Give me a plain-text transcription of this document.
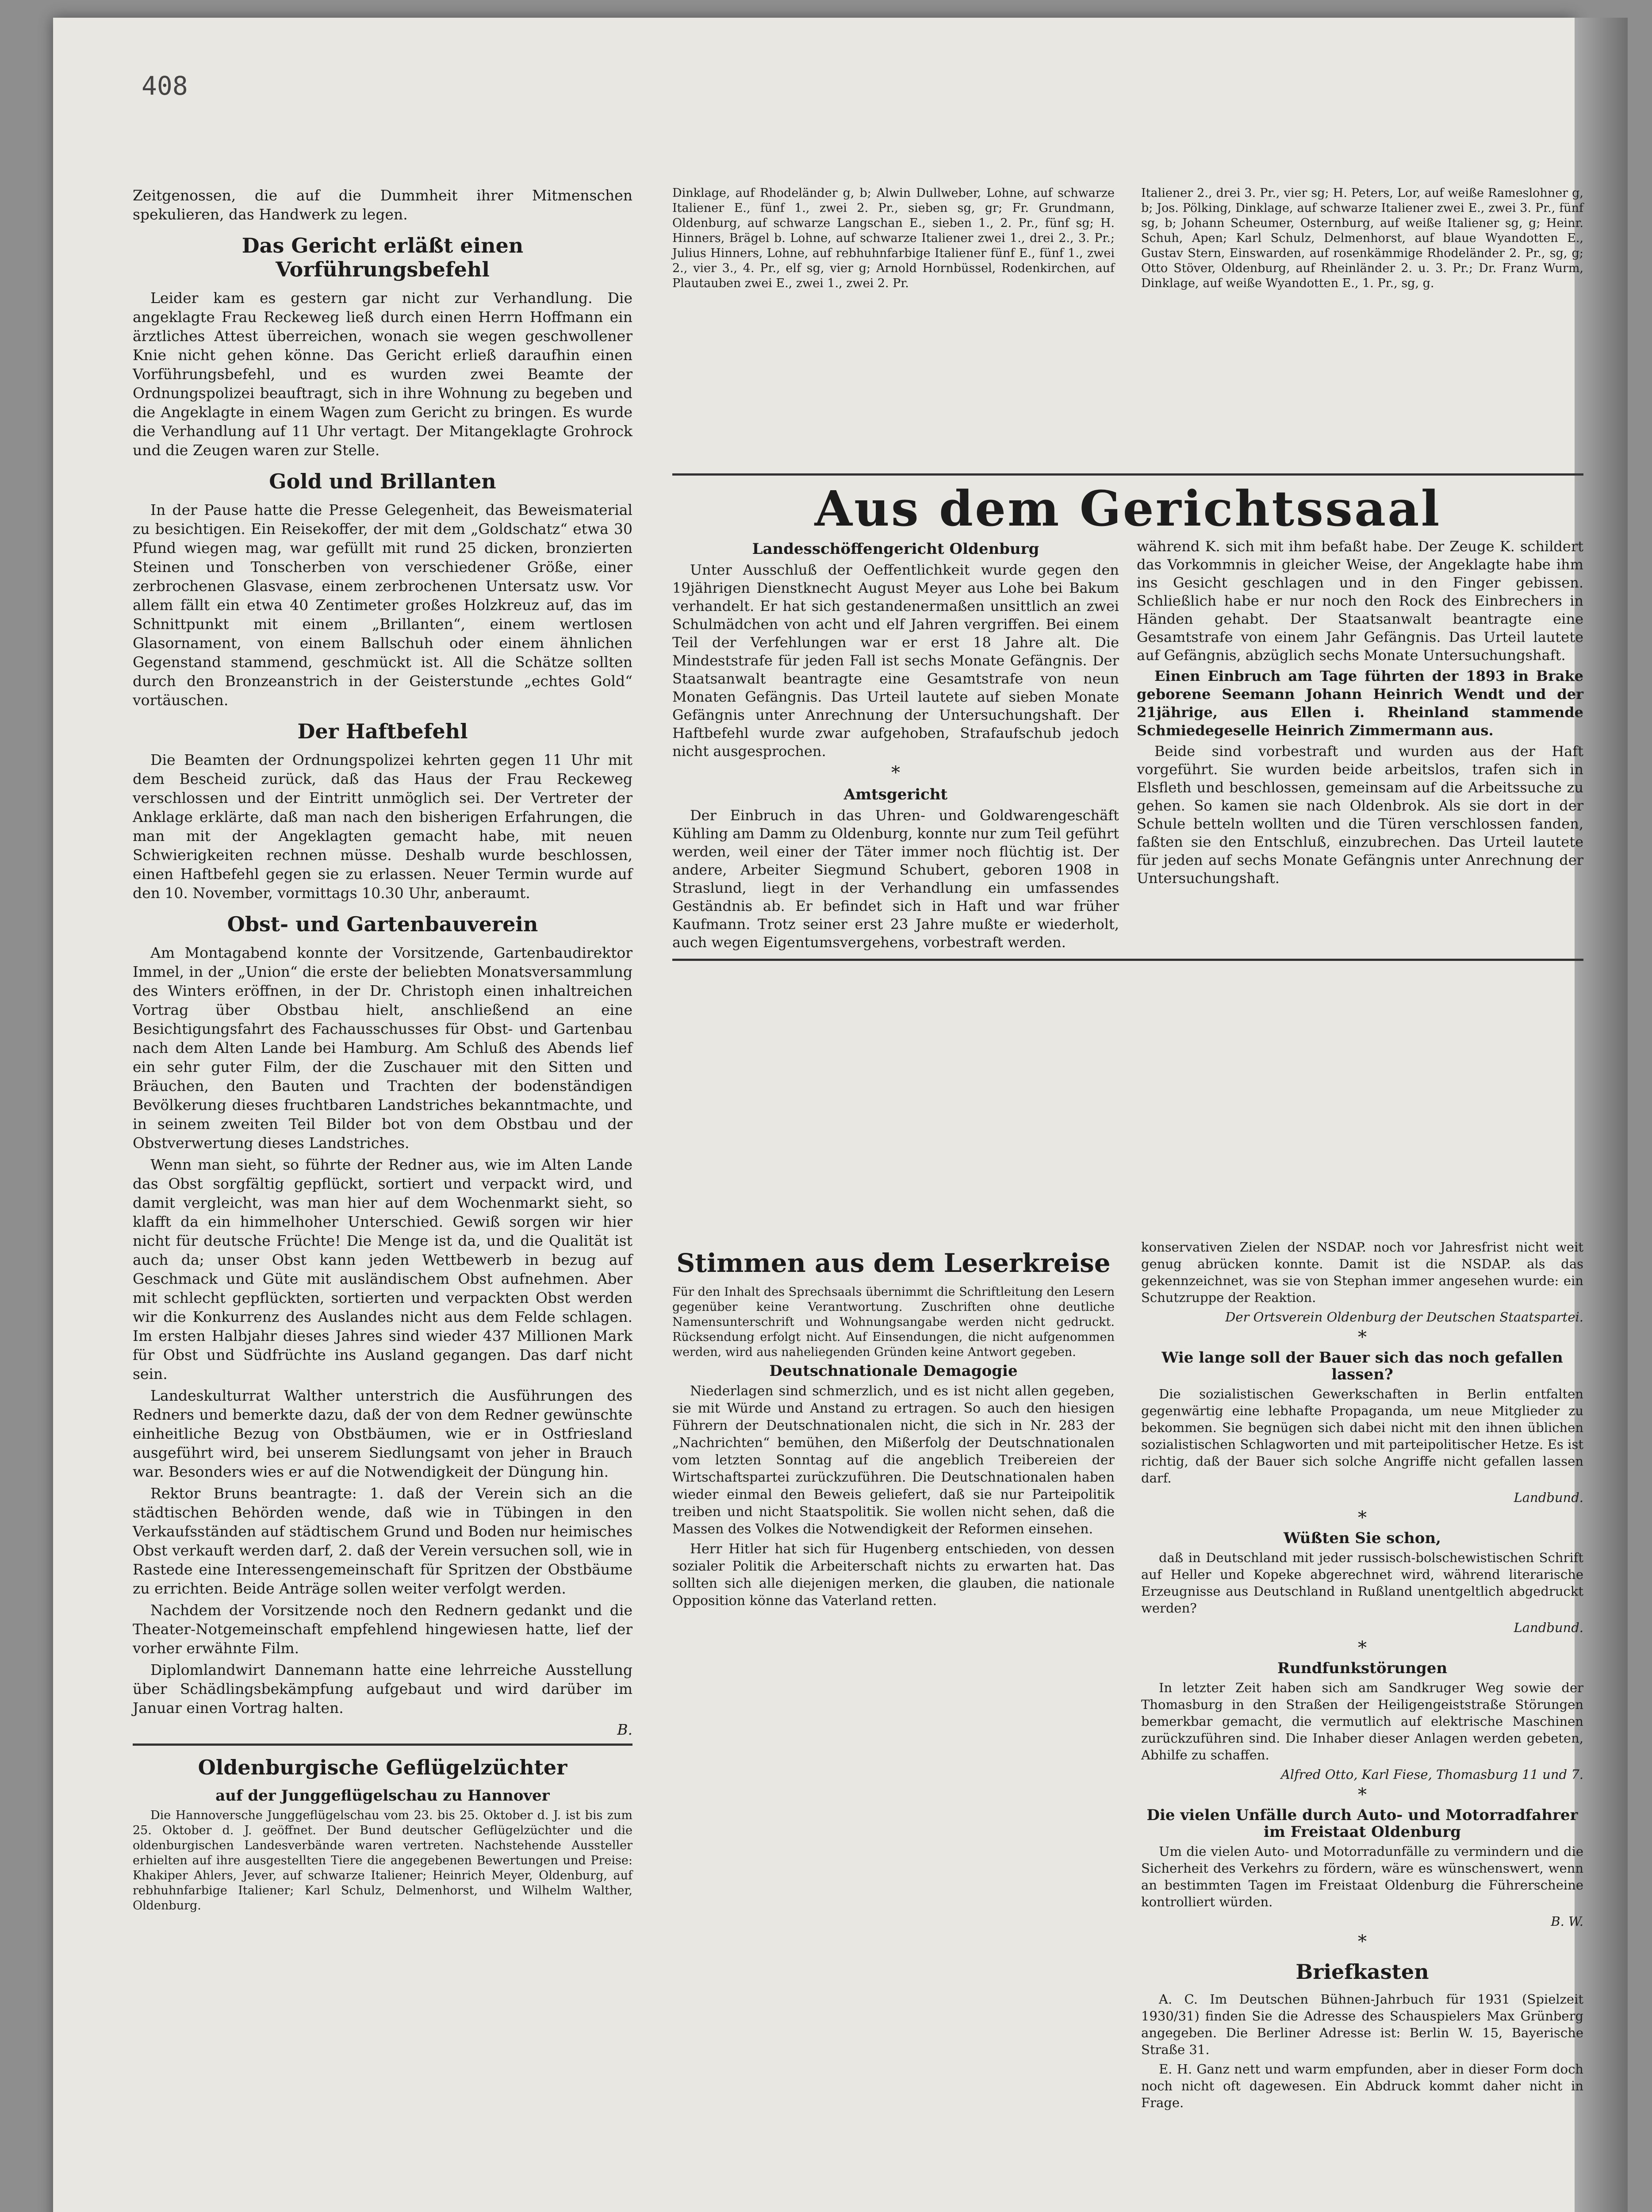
408

Zeitgenossen, die auf die Dummheit ihrer Mitmenschen spekulieren, das Handwerk zu legen.

Das Gericht erläßt einen Vorführungsbefehl

Leider kam es gestern gar nicht zur Verhandlung. Die angeklagte Frau Reckeweg ließ durch einen Herrn Hoffmann ein ärztliches Attest überreichen, wonach sie wegen geschwollener Knie nicht gehen könne. Das Gericht erließ daraufhin einen Vorführungsbefehl, und es wurden zwei Beamte der Ordnungspolizei beauftragt, sich in ihre Wohnung zu begeben und die Angeklagte in einem Wagen zum Gericht zu bringen. Es wurde die Verhandlung auf 11 Uhr vertagt. Der Mitangeklagte Grohrock und die Zeugen waren zur Stelle.

Gold und Brillanten

In der Pause hatte die Presse Gelegenheit, das Beweismaterial zu besichtigen. Ein Reisekoffer, der mit dem „Goldschatz“ etwa 30 Pfund wiegen mag, war gefüllt mit rund 25 dicken, bronzierten Steinen und Tonscherben von verschiedener Größe, einer zerbrochenen Glasvase, einem zerbrochenen Untersatz usw. Vor allem fällt ein etwa 40 Zentimeter großes Holzkreuz auf, das im Schnittpunkt mit einem „Brillanten“, einem wertlosen Glasornament, von einem Ballschuh oder einem ähnlichen Gegenstand stammend, geschmückt ist. All die Schätze sollten durch den Bronzeanstrich in der Geisterstunde „echtes Gold“ vortäuschen.

Der Haftbefehl

Die Beamten der Ordnungspolizei kehrten gegen 11 Uhr mit dem Bescheid zurück, daß das Haus der Frau Reckeweg verschlossen und der Eintritt unmöglich sei. Der Vertreter der Anklage erklärte, daß man nach den bisherigen Erfahrungen, die man mit der Angeklagten gemacht habe, mit neuen Schwierigkeiten rechnen müsse. Deshalb wurde beschlossen, einen Haftbefehl gegen sie zu erlassen. Neuer Termin wurde auf den 10. November, vormittags 10.30 Uhr, anberaumt.

Obst- und Gartenbauverein

Am Montagabend konnte der Vorsitzende, Gartenbaudirektor Immel, in der „Union“ die erste der beliebten Monatsversammlung des Winters eröffnen, in der Dr. Christoph einen inhaltreichen Vortrag über Obstbau hielt, anschließend an eine Besichtigungsfahrt des Fachausschusses für Obst- und Gartenbau nach dem Alten Lande bei Hamburg. Am Schluß des Abends lief ein sehr guter Film, der die Zuschauer mit den Sitten und Bräuchen, den Bauten und Trachten der bodenständigen Bevölkerung dieses fruchtbaren Landstriches bekanntmachte, und in seinem zweiten Teil Bilder bot von dem Obstbau und der Obstverwertung dieses Landstriches.

Wenn man sieht, so führte der Redner aus, wie im Alten Lande das Obst sorgfältig gepflückt, sortiert und verpackt wird, und damit vergleicht, was man hier auf dem Wochenmarkt sieht, so klafft da ein himmelhoher Unterschied. Gewiß sorgen wir hier nicht für deutsche Früchte! Die Menge ist da, und die Qualität ist auch da; unser Obst kann jeden Wettbewerb in bezug auf Geschmack und Güte mit ausländischem Obst aufnehmen. Aber mit schlecht gepflückten, sortierten und verpackten Obst werden wir die Konkurrenz des Auslandes nicht aus dem Felde schlagen. Im ersten Halbjahr dieses Jahres sind wieder 437 Millionen Mark für Obst und Südfrüchte ins Ausland gegangen. Das darf nicht sein.

Landeskulturrat Walther unterstrich die Ausführungen des Redners und bemerkte dazu, daß der von dem Redner gewünschte einheitliche Bezug von Obstbäumen, wie er in Ostfriesland ausgeführt wird, bei unserem Siedlungsamt von jeher in Brauch war. Besonders wies er auf die Notwendigkeit der Düngung hin.

Rektor Bruns beantragte: 1. daß der Verein sich an die städtischen Behörden wende, daß wie in Tübingen in den Verkaufsständen auf städtischem Grund und Boden nur heimisches Obst verkauft werden darf, 2. daß der Verein versuchen soll, wie in Rastede eine Interessengemeinschaft für Spritzen der Obstbäume zu errichten. Beide Anträge sollen weiter verfolgt werden.

Nachdem der Vorsitzende noch den Rednern gedankt und die Theater-Notgemeinschaft empfehlend hingewiesen hatte, lief der vorher erwähnte Film.

Diplomlandwirt Dannemann hatte eine lehrreiche Ausstellung über Schädlingsbekämpfung aufgebaut und wird darüber im Januar einen Vortrag halten.

B.
Oldenburgische Geflügelzüchter
auf der Junggeflügelschau zu Hannover

Die Hannoversche Junggeflügelschau vom 23. bis 25. Oktober d. J. ist bis zum 25. Oktober d. J. geöffnet. Der Bund deutscher Geflügelzüchter und die oldenburgischen Landesverbände waren vertreten. Nachstehende Aussteller erhielten auf ihre ausgestellten Tiere die angegebenen Bewertungen und Preise: Khakiper Ahlers, Jever, auf schwarze Italiener; Heinrich Meyer, Oldenburg, auf rebhuhnfarbige Italiener; Karl Schulz, Delmenhorst, und Wilhelm Walther, Oldenburg.

Dinklage, auf Rhodeländer g, b; Alwin Dullweber, Lohne, auf schwarze Italiener E., fünf 1., zwei 2. Pr., sieben sg, gr; Fr. Grundmann, Oldenburg, auf schwarze Langschan E., sieben 1., 2. Pr., fünf sg; H. Hinners, Brägel b. Lohne, auf schwarze Italiener zwei 1., drei 2., 3. Pr.; Julius Hinners, Lohne, auf rebhuhnfarbige Italiener fünf E., fünf 1., zwei 2., vier 3., 4. Pr., elf sg, vier g; Arnold Hornbüssel, Rodenkirchen, auf Plautauben zwei E., zwei 1., zwei 2. Pr.

Italiener 2., drei 3. Pr., vier sg; H. Peters, Lor, auf weiße Rameslohner g, b; Jos. Pölking, Dinklage, auf schwarze Italiener zwei E., zwei 3. Pr., fünf sg, b; Johann Scheumer, Osternburg, auf weiße Italiener sg, g; Heinr. Schuh, Apen; Karl Schulz, Delmenhorst, auf blaue Wyandotten E., Gustav Stern, Einswarden, auf rosenkämmige Rhodeländer 2. Pr., sg, g; Otto Stöver, Oldenburg, auf Rheinländer 2. u. 3. Pr.; Dr. Franz Wurm, Dinklage, auf weiße Wyandotten E., 1. Pr., sg, g.

Aus dem Gerichtssaal
Landesschöffengericht Oldenburg

Unter Ausschluß der Oeffentlichkeit wurde gegen den 19jährigen Dienstknecht August Meyer aus Lohe bei Bakum verhandelt. Er hat sich gestandenermaßen unsittlich an zwei Schulmädchen von acht und elf Jahren vergriffen. Bei einem Teil der Verfehlungen war er erst 18 Jahre alt. Die Mindeststrafe für jeden Fall ist sechs Monate Gefängnis. Der Staatsanwalt beantragte eine Gesamtstrafe von neun Monaten Gefängnis. Das Urteil lautete auf sieben Monate Gefängnis unter Anrechnung der Untersuchungshaft. Der Haftbefehl wurde zwar aufgehoben, Strafaufschub jedoch nicht ausgesprochen.

*
Amtsgericht

Der Einbruch in das Uhren- und Goldwarengeschäft Kühling am Damm zu Oldenburg, konnte nur zum Teil geführt werden, weil einer der Täter immer noch flüchtig ist. Der andere, Arbeiter Siegmund Schubert, geboren 1908 in Straslund, liegt in der Verhandlung ein umfassendes Geständnis ab. Er befindet sich in Haft und war früher Kaufmann. Trotz seiner erst 23 Jahre mußte er wiederholt, auch wegen Eigentumsvergehens, vorbestraft werden.

während K. sich mit ihm befaßt habe. Der Zeuge K. schildert das Vorkommnis in gleicher Weise, der Angeklagte habe ihm ins Gesicht geschlagen und in den Finger gebissen. Schließlich habe er nur noch den Rock des Einbrechers in Händen gehabt. Der Staatsanwalt beantragte eine Gesamtstrafe von einem Jahr Gefängnis. Das Urteil lautete auf Gefängnis, abzüglich sechs Monate Untersuchungshaft.

Einen Einbruch am Tage führten der 1893 in Brake geborene Seemann Johann Heinrich Wendt und der 21jährige, aus Ellen i. Rheinland stammende Schmiedegeselle Heinrich Zimmermann aus.

Beide sind vorbestraft und wurden aus der Haft vorgeführt. Sie wurden beide arbeitslos, trafen sich in Elsfleth und beschlossen, gemeinsam auf die Arbeitssuche zu gehen. So kamen sie nach Oldenbrok. Als sie dort in der Schule betteln wollten und die Türen verschlossen fanden, faßten sie den Entschluß, einzubrechen. Das Urteil lautete für jeden auf sechs Monate Gefängnis unter Anrechnung der Untersuchungshaft.

Stimmen aus dem Leserkreise

Für den Inhalt des Sprechsaals übernimmt die Schriftleitung den Lesern gegenüber keine Verantwortung. Zuschriften ohne deutliche Namensunterschrift und Wohnungsangabe werden nicht gedruckt. Rücksendung erfolgt nicht. Auf Einsendungen, die nicht aufgenommen werden, wird aus naheliegenden Gründen keine Antwort gegeben.

Deutschnationale Demagogie

Niederlagen sind schmerzlich, und es ist nicht allen gegeben, sie mit Würde und Anstand zu ertragen. So auch den hiesigen Führern der Deutschnationalen nicht, die sich in Nr. 283 der „Nachrichten“ bemühen, den Mißerfolg der Deutschnationalen vom letzten Sonntag auf die angeblich Treibereien der Wirtschaftspartei zurückzuführen. Die Deutschnationalen haben wieder einmal den Beweis geliefert, daß sie nur Parteipolitik treiben und nicht Staatspolitik. Sie wollen nicht sehen, daß die Massen des Volkes die Notwendigkeit der Reformen einsehen.

Herr Hitler hat sich für Hugenberg entschieden, von dessen sozialer Politik die Arbeiterschaft nichts zu erwarten hat. Das sollten sich alle diejenigen merken, die glauben, die nationale Opposition könne das Vaterland retten.

konservativen Zielen der NSDAP. noch vor Jahresfrist nicht weit genug abrücken konnte. Damit ist die NSDAP. als das gekennzeichnet, was sie von Stephan immer angesehen wurde: ein Schutzruppe der Reaktion.

Der Ortsverein Oldenburg der Deutschen Staatspartei.
*
Wie lange soll der Bauer sich das noch gefallen lassen?

Die sozialistischen Gewerkschaften in Berlin entfalten gegenwärtig eine lebhafte Propaganda, um neue Mitglieder zu bekommen. Sie begnügen sich dabei nicht mit den ihnen üblichen sozialistischen Schlagworten und mit parteipolitischer Hetze. Es ist richtig, daß der Bauer sich solche Angriffe nicht gefallen lassen darf.

Landbund.
*
Wüßten Sie schon,

daß in Deutschland mit jeder russisch-bolschewistischen Schrift auf Heller und Kopeke abgerechnet wird, während literarische Erzeugnisse aus Deutschland in Rußland unentgeltlich abgedruckt werden?

Landbund.
*
Rundfunkstörungen

In letzter Zeit haben sich am Sandkruger Weg sowie der Thomasburg in den Straßen der Heiligengeiststraße Störungen bemerkbar gemacht, die vermutlich auf elektrische Maschinen zurückzuführen sind. Die Inhaber dieser Anlagen werden gebeten, Abhilfe zu schaffen.

Alfred Otto, Karl Fiese, Thomasburg 11 und 7.
*
Die vielen Unfälle durch Auto- und Motorradfahrer im Freistaat Oldenburg

Um die vielen Auto- und Motorradunfälle zu vermindern und die Sicherheit des Verkehrs zu fördern, wäre es wünschenswert, wenn an bestimmten Tagen im Freistaat Oldenburg die Führerscheine kontrolliert würden.

B. W.
*
Briefkasten

A. C. Im Deutschen Bühnen-Jahrbuch für 1931 (Spielzeit 1930/31) finden Sie die Adresse des Schauspielers Max Grünberg angegeben. Die Berliner Adresse ist: Berlin W. 15, Bayerische Straße 31.

E. H. Ganz nett und warm empfunden, aber in dieser Form doch noch nicht oft dagewesen. Ein Abdruck kommt daher nicht in Frage.
